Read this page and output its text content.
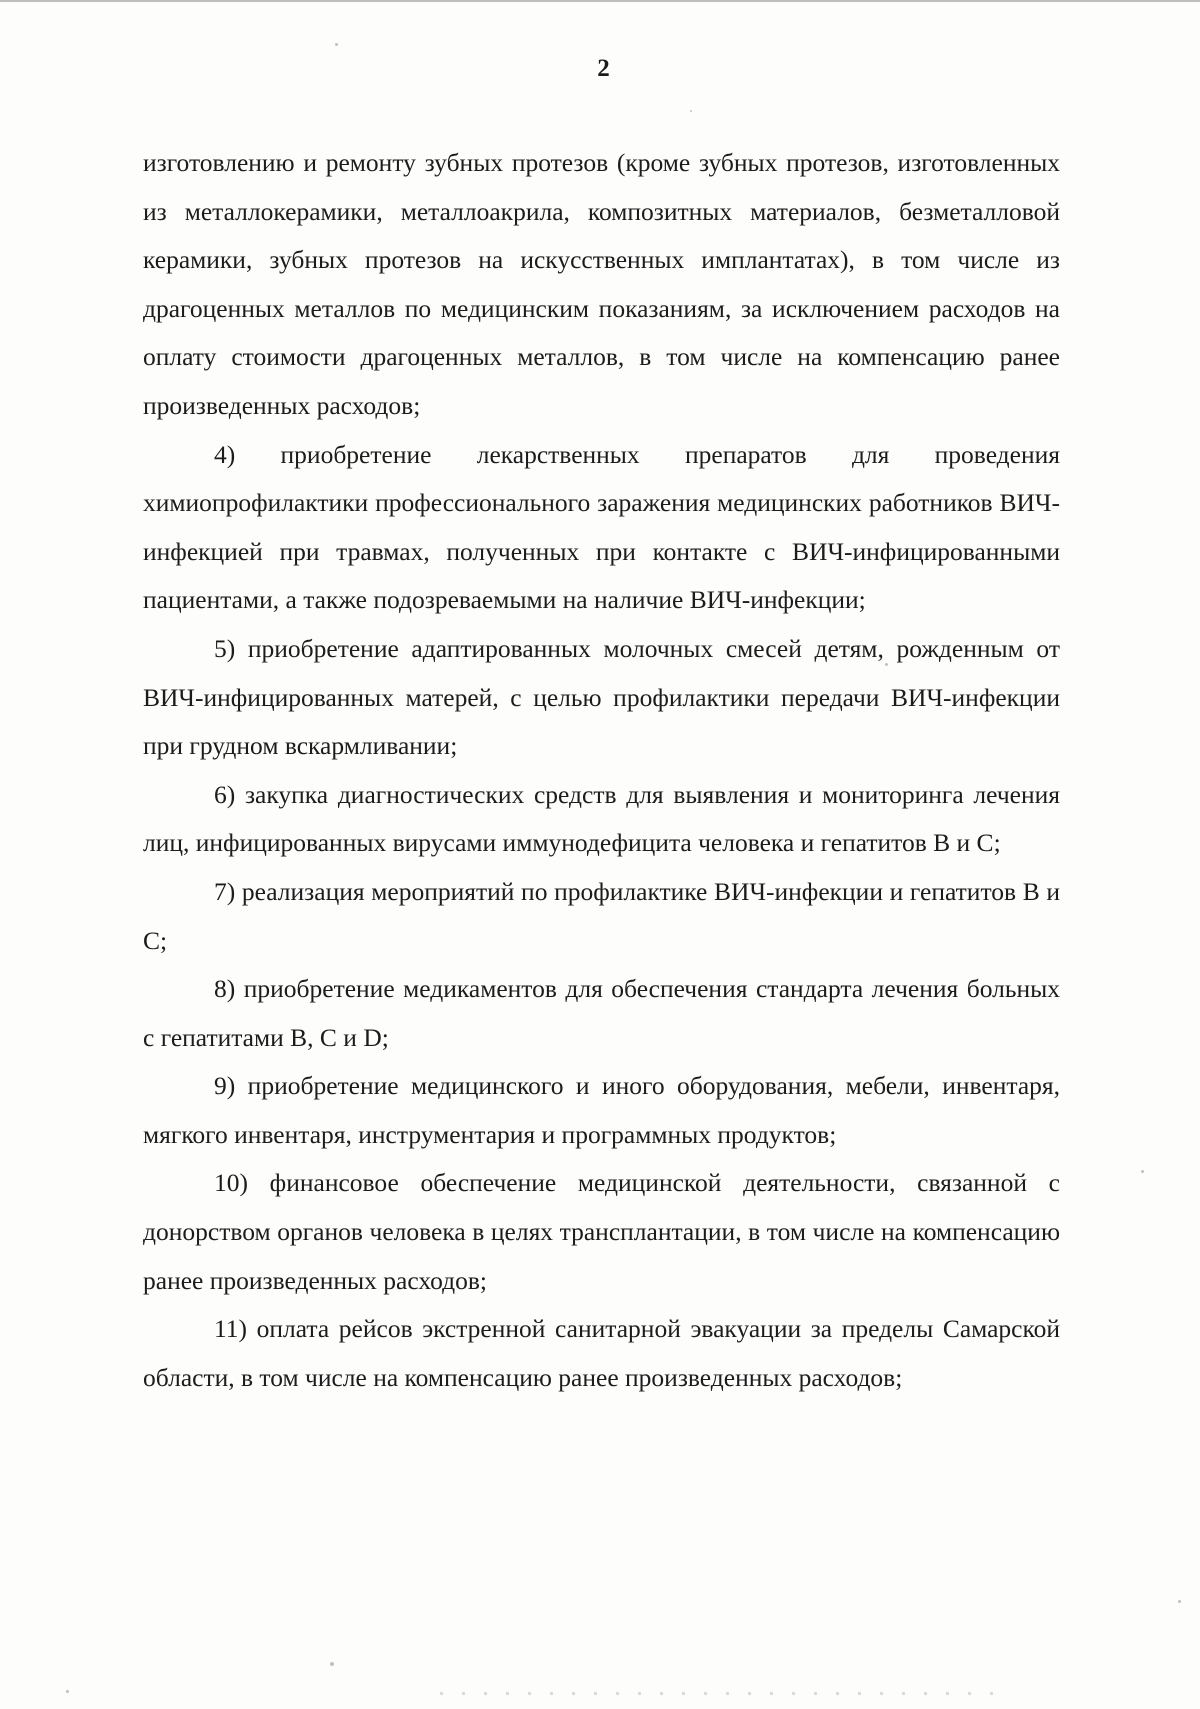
2

изготовлению и ремонту зубных протезов (кроме зубных протезов, изготовленных из металлокерамики, металлоакрила, композитных материалов, безметалловой керамики, зубных протезов на искусственных имплантатах), в том числе из драгоценных металлов по медицинским показаниям, за исключением расходов на оплату стоимости драгоценных металлов, в том числе на компенсацию ранее произведенных расходов;

4) приобретение лекарственных препаратов для проведения химиопрофилактики профессионального заражения медицинских работников ВИЧ-инфекцией при травмах, полученных при контакте с ВИЧ-инфицированными пациентами, а также подозреваемыми на наличие ВИЧ-инфекции;

5) приобретение адаптированных молочных смесей детям, рожденным от ВИЧ-инфицированных матерей, с целью профилактики передачи ВИЧ-инфекции при грудном вскармливании;

6) закупка диагностических средств для выявления и мониторинга лечения лиц, инфицированных вирусами иммунодефицита человека и гепатитов В и С;

7) реализация мероприятий по профилактике ВИЧ-инфекции и гепатитов В и С;

8) приобретение медикаментов для обеспечения стандарта лечения больных с гепатитами B, C и D;

9) приобретение медицинского и иного оборудования, мебели, инвентаря, мягкого инвентаря, инструментария и программных продуктов;

10) финансовое обеспечение медицинской деятельности, связанной с донорством органов человека в целях трансплантации, в том числе на компенсацию ранее произведенных расходов;

11) оплата рейсов экстренной санитарной эвакуации за пределы Самарской области, в том числе на компенсацию ранее произведенных расходов;
